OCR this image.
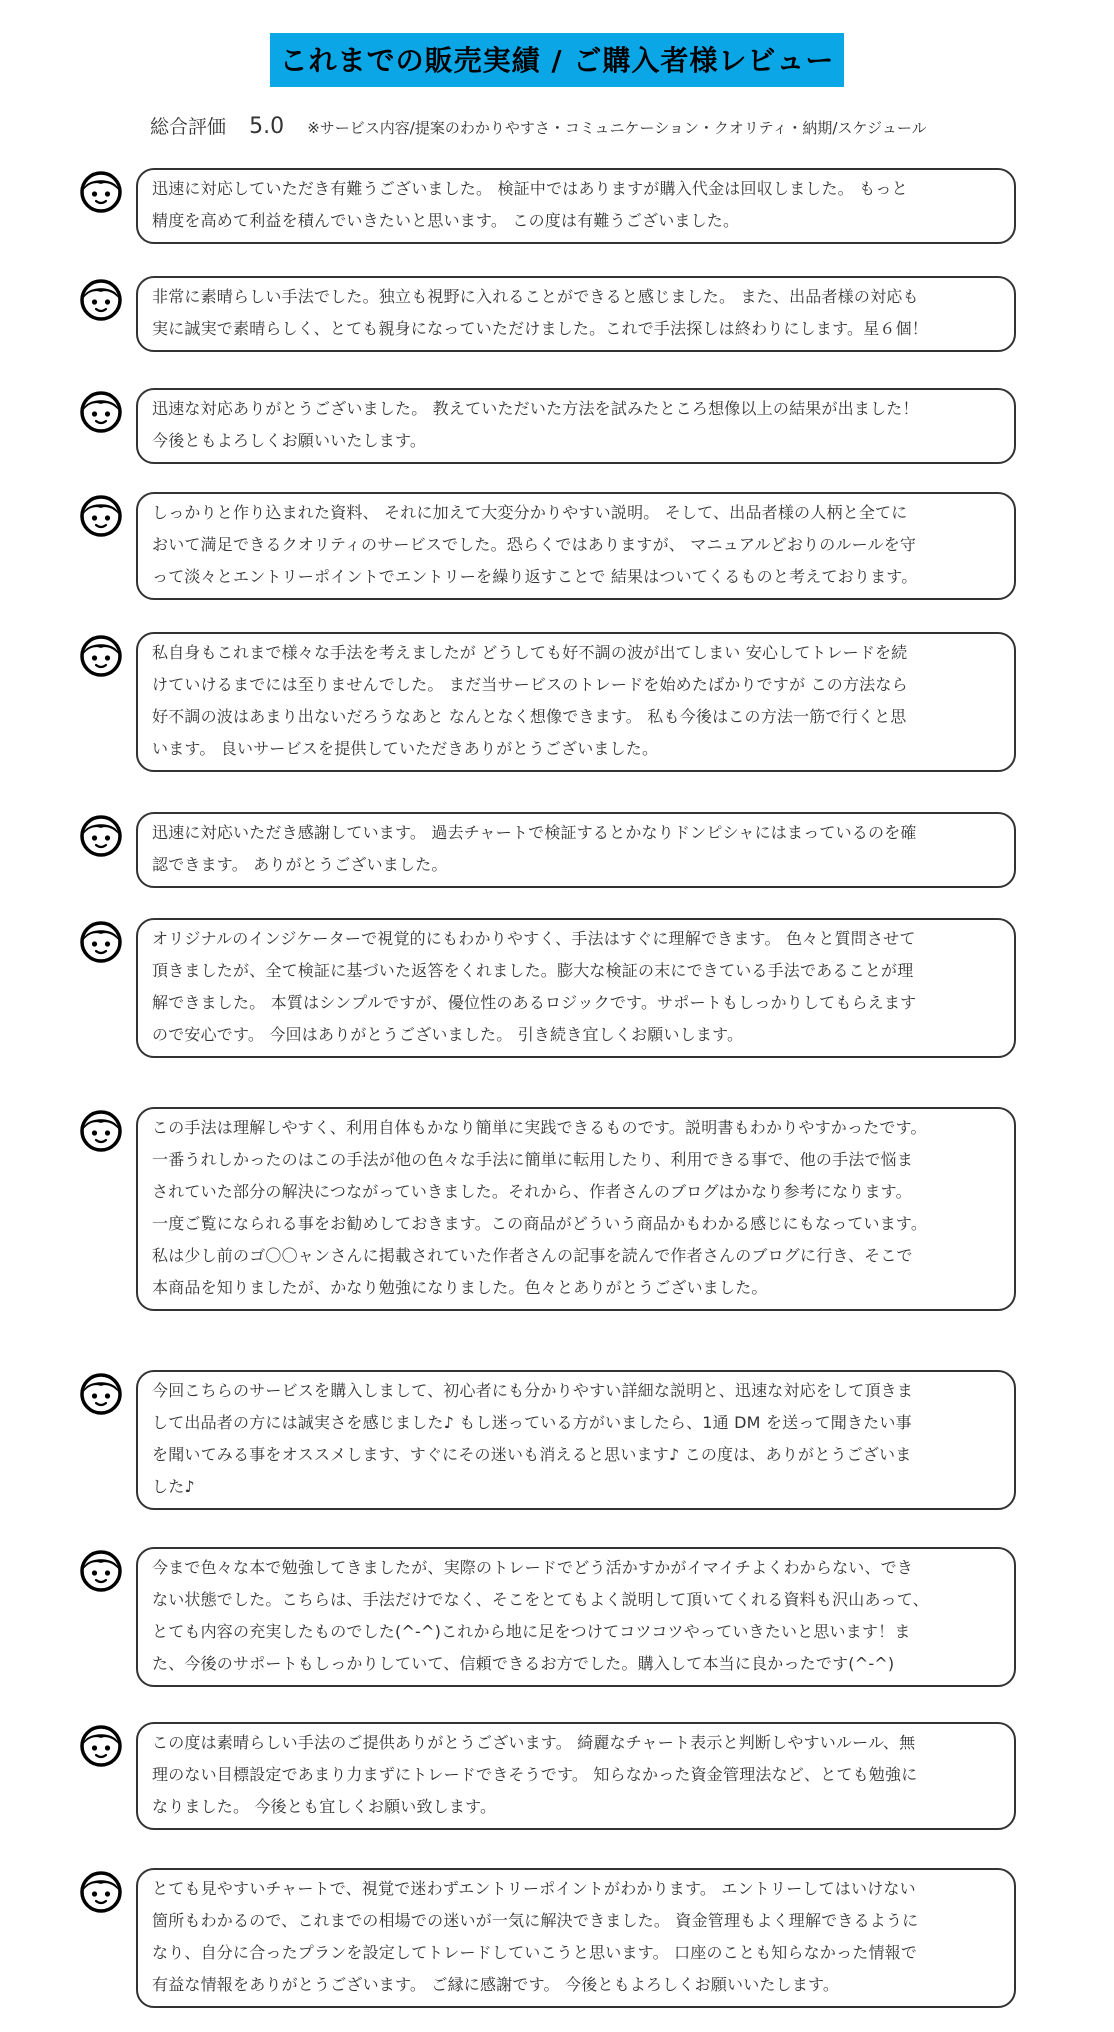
これまでの販売実績 / ご購入者様レビュー
総合評価 5.0 ※サービス内容/提案のわかりやすさ・コミュニケーション・クオリティ・納期/スケジュール

迅速に対応していただき有難うございました。 検証中ではありますが購入代金は回収しました。 もっと

精度を高めて利益を積んでいきたいと思います。 この度は有難うございました。

非常に素晴らしい手法でした。独立も視野に入れることができると感じました。 また、出品者様の対応も

実に誠実で素晴らしく、とても親身になっていただけました。これで手法探しは終わりにします。星６個！

迅速な対応ありがとうございました。 教えていただいた方法を試みたところ想像以上の結果が出ました！

今後ともよろしくお願いいたします。

しっかりと作り込まれた資料、 それに加えて大変分かりやすい説明。 そして、出品者様の人柄と全てに

おいて満足できるクオリティのサービスでした。恐らくではありますが、 マニュアルどおりのルールを守

って淡々とエントリーポイントでエントリーを繰り返すことで 結果はついてくるものと考えております。

私自身もこれまで様々な手法を考えましたが どうしても好不調の波が出てしまい 安心してトレードを続

けていけるまでには至りませんでした。 まだ当サービスのトレードを始めたばかりですが この方法なら

好不調の波はあまり出ないだろうなあと なんとなく想像できます。 私も今後はこの方法一筋で行くと思

います。 良いサービスを提供していただきありがとうございました。

迅速に対応いただき感謝しています。 過去チャートで検証するとかなりドンピシャにはまっているのを確

認できます。 ありがとうございました。

オリジナルのインジケーターで視覚的にもわかりやすく、手法はすぐに理解できます。 色々と質問させて

頂きましたが、全て検証に基づいた返答をくれました。膨大な検証の末にできている手法であることが理

解できました。 本質はシンプルですが、優位性のあるロジックです。サポートもしっかりしてもらえます

ので安心です。 今回はありがとうございました。 引き続き宜しくお願いします。

この手法は理解しやすく、利用自体もかなり簡単に実践できるものです。説明書もわかりやすかったです。

一番うれしかったのはこの手法が他の色々な手法に簡単に転用したり、利用できる事で、他の手法で悩ま

されていた部分の解決につながっていきました。それから、作者さんのブログはかなり参考になります。

一度ご覧になられる事をお勧めしておきます。この商品がどういう商品かもわかる感じにもなっています。

私は少し前のゴ〇〇ャンさんに掲載されていた作者さんの記事を読んで作者さんのブログに行き、そこで

本商品を知りましたが、かなり勉強になりました。色々とありがとうございました。

今回こちらのサービスを購入しまして、初心者にも分かりやすい詳細な説明と、迅速な対応をして頂きま

して出品者の方には誠実さを感じました♪ もし迷っている方がいましたら、1通 DM を送って聞きたい事

を聞いてみる事をオススメします、すぐにその迷いも消えると思います♪ この度は、ありがとうございま

した♪

今まで色々な本で勉強してきましたが、実際のトレードでどう活かすかがイマイチよくわからない、でき

ない状態でした。こちらは、手法だけでなく、そこをとてもよく説明して頂いてくれる資料も沢山あって、

とても内容の充実したものでした(^-^)これから地に足をつけてコツコツやっていきたいと思います！ま

た、今後のサポートもしっかりしていて、信頼できるお方でした。購入して本当に良かったです(^-^)

この度は素晴らしい手法のご提供ありがとうございます。 綺麗なチャート表示と判断しやすいルール、無

理のない目標設定であまり力まずにトレードできそうです。 知らなかった資金管理法など、とても勉強に

なりました。 今後とも宜しくお願い致します。

とても見やすいチャートで、視覚で迷わずエントリーポイントがわかります。 エントリーしてはいけない

箇所もわかるので、これまでの相場での迷いが一気に解決できました。 資金管理もよく理解できるように

なり、自分に合ったプランを設定してトレードしていこうと思います。 口座のことも知らなかった情報で

有益な情報をありがとうございます。 ご縁に感謝です。 今後ともよろしくお願いいたします。
